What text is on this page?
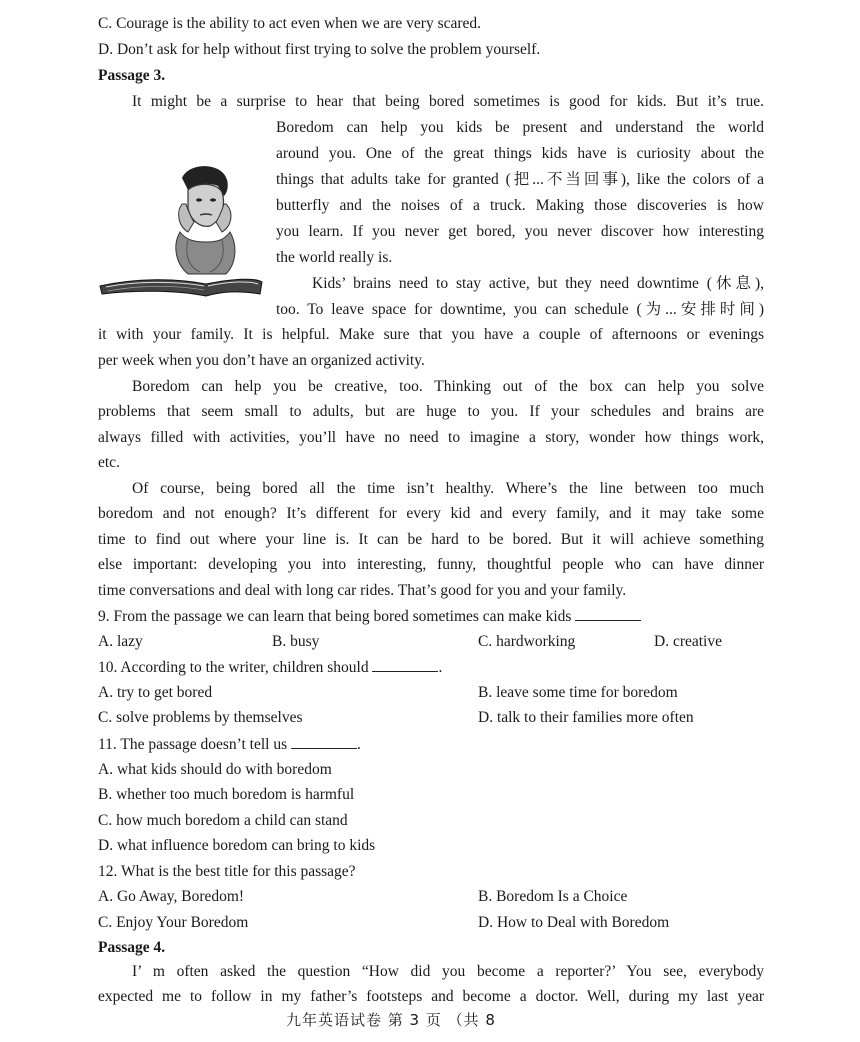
C. Courage is the ability to act even when we are very scared.
D. Don’t ask for help without first trying to solve the problem yourself.
Passage 3.
It might be a surprise to hear that being bored sometimes is good for kids. But it’s true.
Boredom can help you kids be present and understand the world
around you. One of the great things kids have is curiosity about the
things that adults take for granted (把...不当回事), like the colors of a
butterfly and the noises of a truck. Making those discoveries is how
you learn. If you never get bored, you never discover how interesting
the world really is.
Kids’ brains need to stay active, but they need downtime (休息),
too. To leave space for downtime, you can schedule (为...安排时间)
it with your family. It is helpful. Make sure that you have a couple of afternoons or evenings
per week when you don’t have an organized activity.
Boredom can help you be creative, too. Thinking out of the box can help you solve
problems that seem small to adults, but are huge to you. If your schedules and brains are
always filled with activities, you’ll have no need to imagine a story, wonder how things work,
etc.
Of course, being bored all the time isn’t healthy. Where’s the line between too much
boredom and not enough? It’s different for every kid and every family, and it may take some
time to find out where your line is. It can be hard to be bored. But it will achieve something
else important: developing you into interesting, funny, thoughtful people who can have dinner
time conversations and deal with long car rides. That’s good for you and your family.
9. From the passage we can learn that being bored sometimes can make kids
A. lazy	B. busy	C. hardworking	D. creative
10. According to the writer, children should	.
A. try to get bored	B. leave some time for boredom
C. solve problems by themselves	D. talk to their families more often
11. The passage doesn’t tell us	.
A. what kids should do with boredom
B. whether too much boredom is harmful
C. how much boredom a child can stand
D. what influence boredom can bring to kids
12. What is the best title for this passage?
A. Go Away, Boredom!	B. Boredom Is a Choice
C. Enjoy Your Boredom	D. How to Deal with Boredom
Passage 4.
I’ m often asked the question “How did you become a reporter?’ You see, everybody
expected me to follow in my father’s footsteps and become a doctor. Well, during my last year
九年英语试卷 第 3 页 （共 8
